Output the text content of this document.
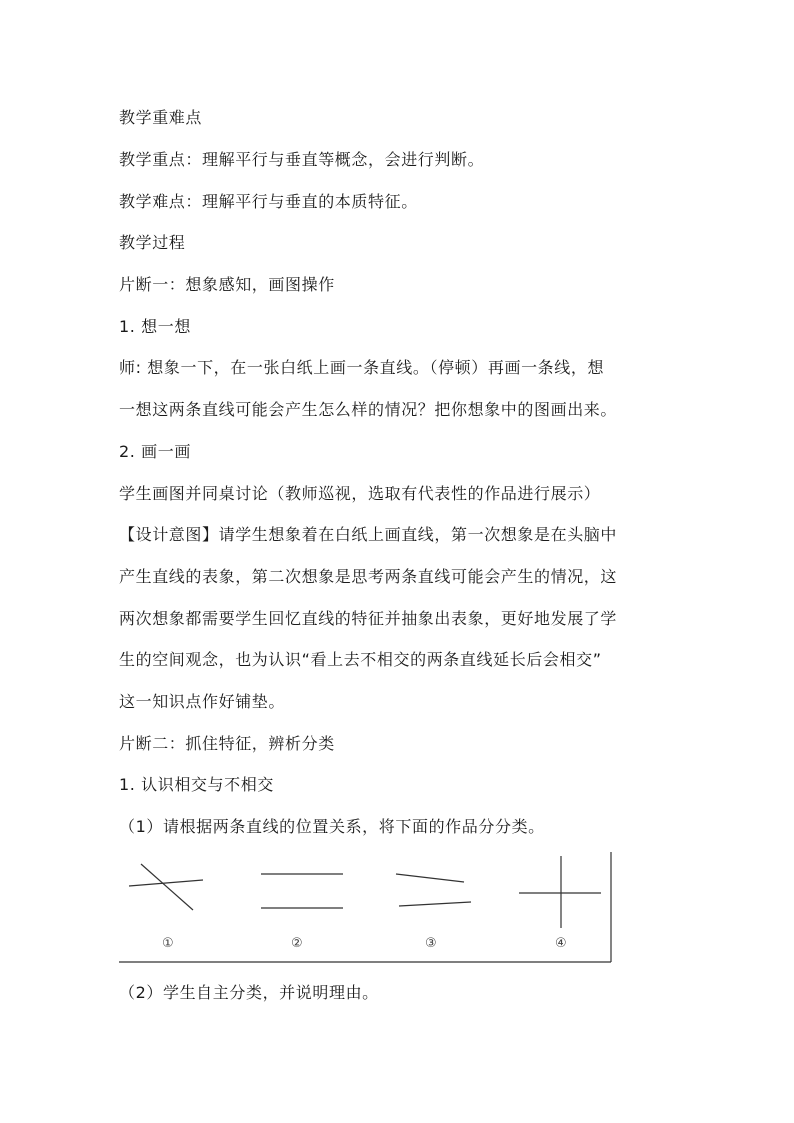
教学重难点
教学重点：理解平行与垂直等概念，会进行判断。
教学难点：理解平行与垂直的本质特征。
教学过程
片断一：想象感知，画图操作
1. 想一想
师: 想象一下，在一张白纸上画一条直线。（停顿）再画一条线，想
一想这两条直线可能会产生怎么样的情况？把你想象中的图画出来。
2. 画一画
学生画图并同桌讨论（教师巡视，选取有代表性的作品进行展示）
【设计意图】请学生想象着在白纸上画直线，第一次想象是在头脑中
产生直线的表象，第二次想象是思考两条直线可能会产生的情况，这
两次想象都需要学生回忆直线的特征并抽象出表象，更好地发展了学
生的空间观念，也为认识“看上去不相交的两条直线延长后会相交”
这一知识点作好铺垫。
片断二：抓住特征，辨析分类
1. 认识相交与不相交
（1）请根据两条直线的位置关系，将下面的作品分分类。
①	②	③	④
（2）学生自主分类，并说明理由。
